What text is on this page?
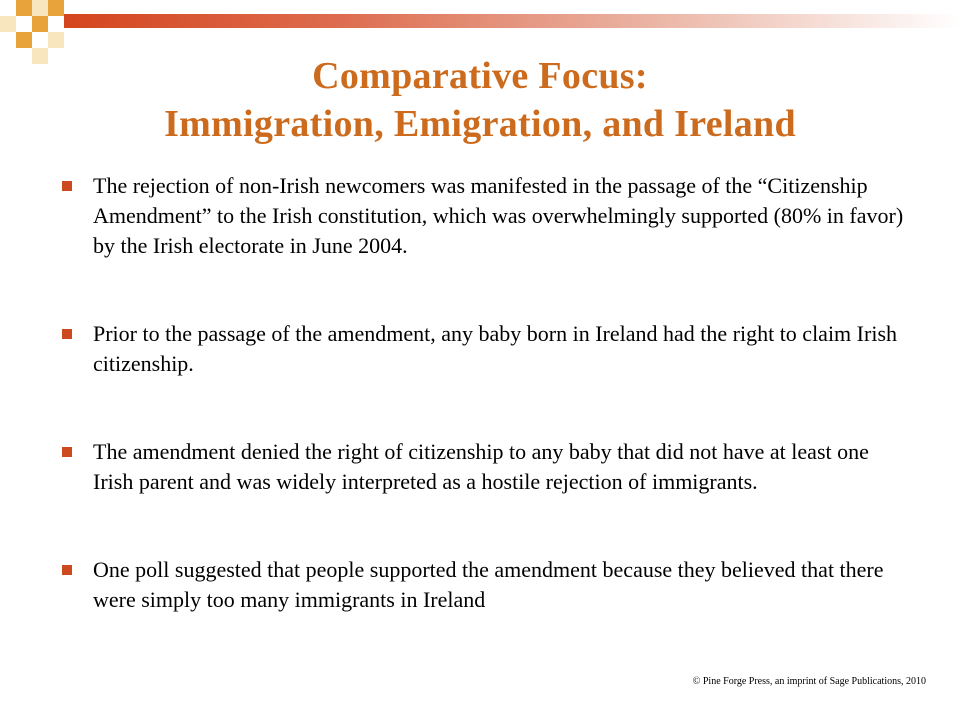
Comparative Focus:
Immigration, Emigration, and Ireland
The rejection of non-Irish newcomers was manifested in the passage of the “Citizenship Amendment” to the Irish constitution, which was overwhelmingly supported (80% in favor) by the Irish electorate in June 2004.
Prior to the passage of the amendment, any baby born in Ireland had the right to claim Irish citizenship.
The amendment denied the right of citizenship to any baby that did not have at least one Irish parent and was widely interpreted as a hostile rejection of immigrants.
One poll suggested that people supported the amendment because they believed that there were simply too many immigrants in Ireland
© Pine Forge Press, an imprint of Sage Publications, 2010
